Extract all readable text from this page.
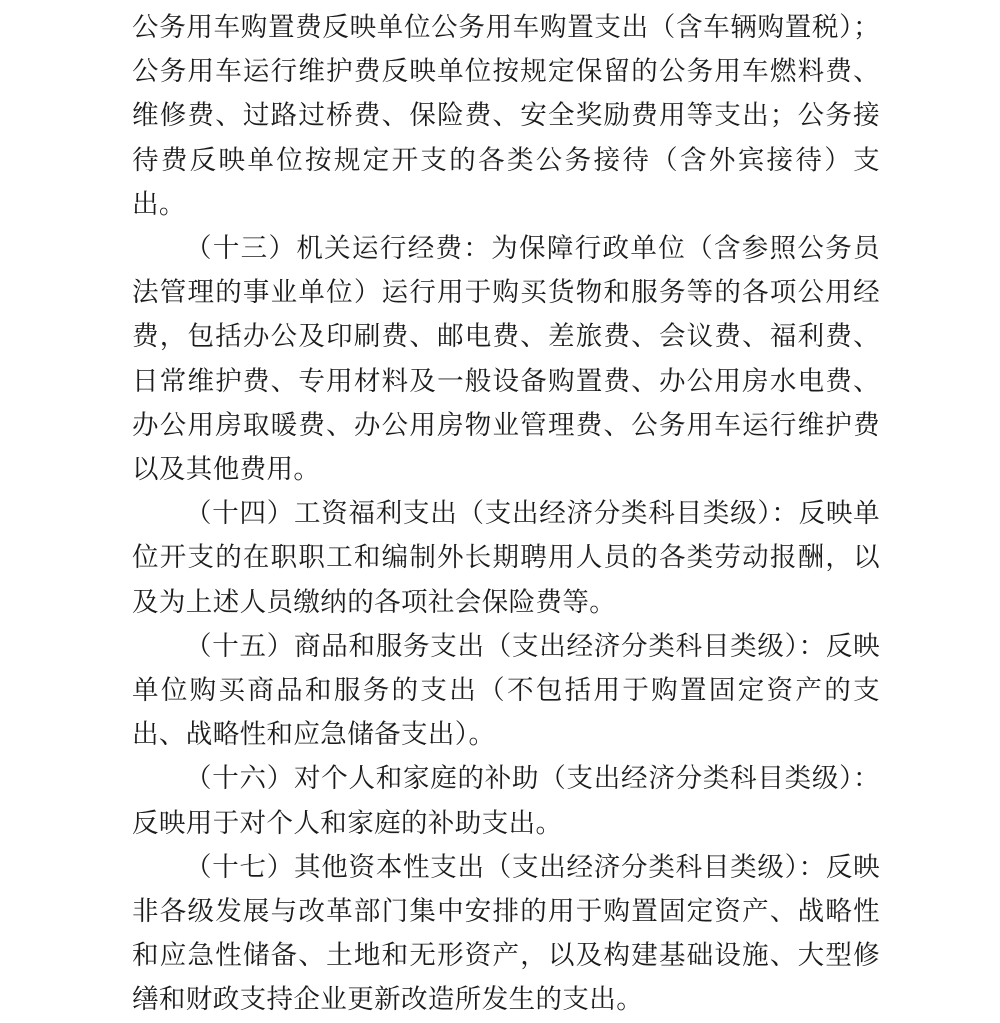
公务用车购置费反映单位公务用车购置支出（含车辆购置税）；公务用车运行维护费反映单位按规定保留的公务用车燃料费、维修费、过路过桥费、保险费、安全奖励费用等支出；公务接待费反映单位按规定开支的各类公务接待（含外宾接待）支出。

（十三）机关运行经费：为保障行政单位（含参照公务员法管理的事业单位）运行用于购买货物和服务等的各项公用经费，包括办公及印刷费、邮电费、差旅费、会议费、福利费、日常维护费、专用材料及一般设备购置费、办公用房水电费、办公用房取暖费、办公用房物业管理费、公务用车运行维护费以及其他费用。

（十四）工资福利支出（支出经济分类科目类级）：反映单位开支的在职职工和编制外长期聘用人员的各类劳动报酬，以及为上述人员缴纳的各项社会保险费等。

（十五）商品和服务支出（支出经济分类科目类级）：反映单位购买商品和服务的支出（不包括用于购置固定资产的支出、战略性和应急储备支出）。

（十六）对个人和家庭的补助（支出经济分类科目类级）：反映用于对个人和家庭的补助支出。

（十七）其他资本性支出（支出经济分类科目类级）：反映非各级发展与改革部门集中安排的用于购置固定资产、战略性和应急性储备、土地和无形资产，以及构建基础设施、大型修缮和财政支持企业更新改造所发生的支出。
